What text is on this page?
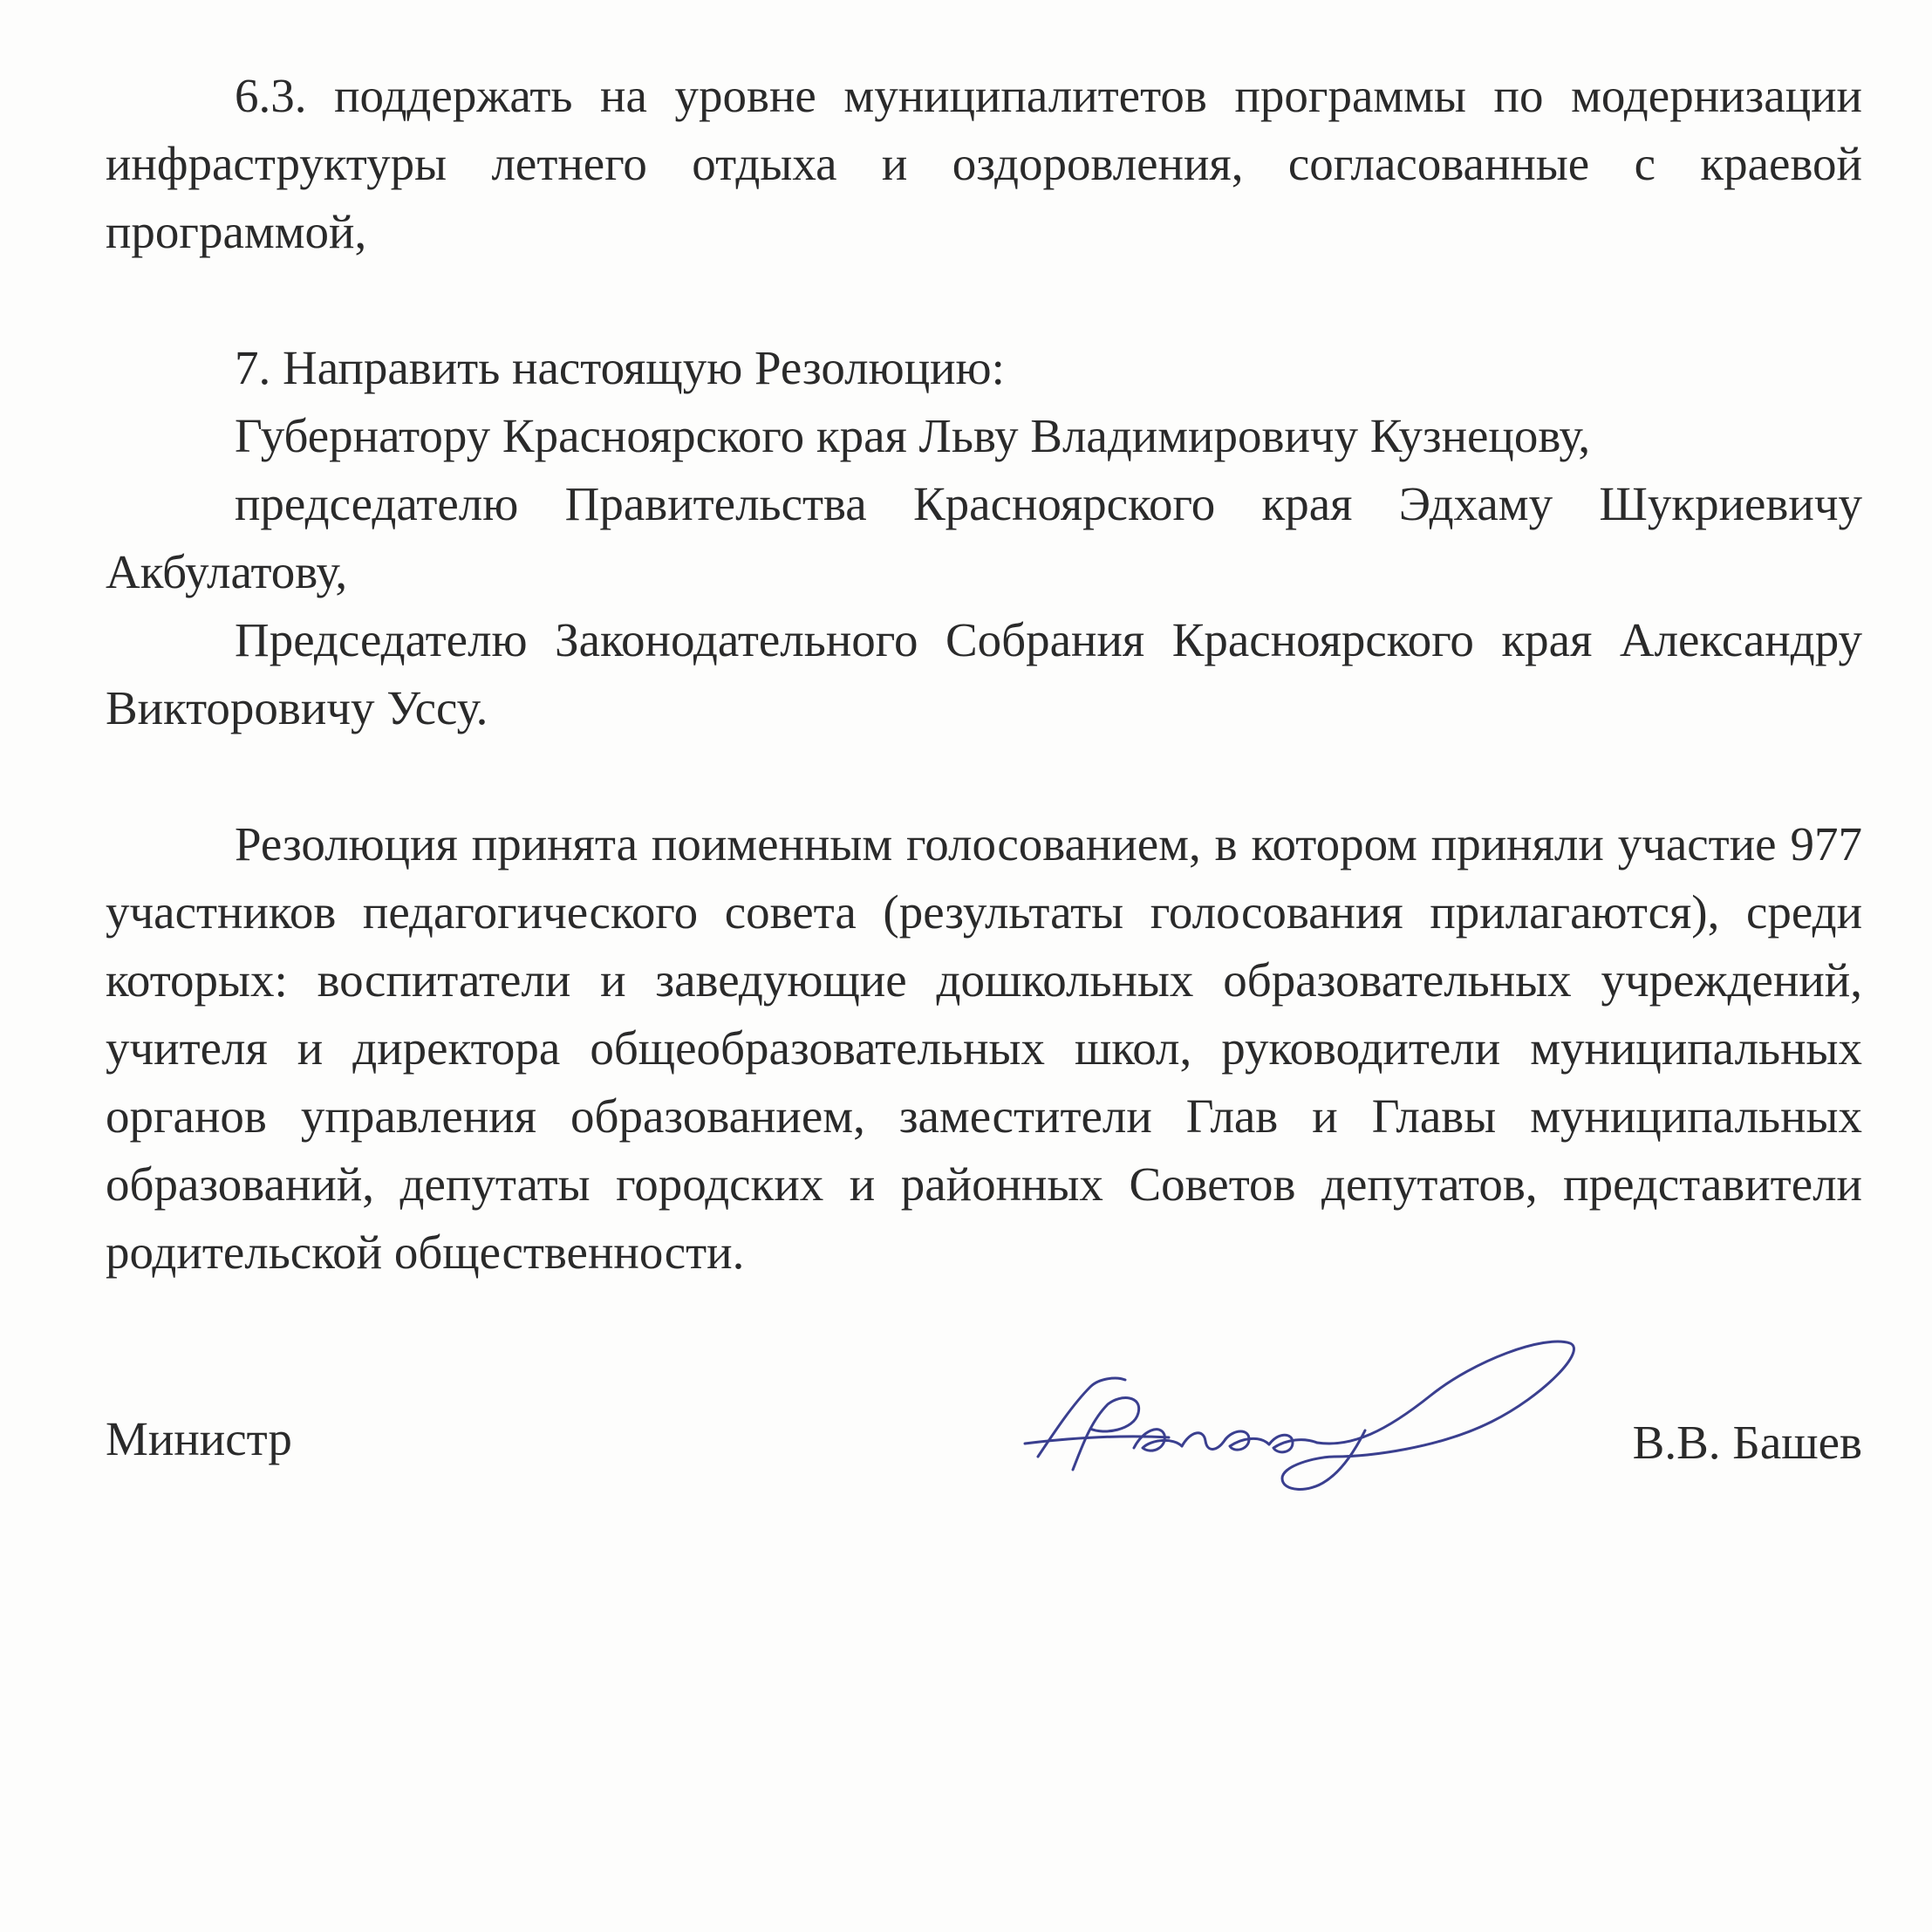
6.3. поддержать на уровне муниципалитетов программы по модернизации инфраструктуры летнего отдыха и оздоровления, согласованные с краевой программой,

7. Направить настоящую Резолюцию:

Губернатору Красноярского края Льву Владимировичу Кузнецову,

председателю Правительства Красноярского края Эдхаму Шукриевичу Акбулатову,

Председателю Законодательного Собрания Красноярского края Александру Викторовичу Уссу.

Резолюция принята поименным голосованием, в котором приняли участие 977 участников педагогического совета (результаты голосования прилагаются), среди которых: воспитатели и заведующие дошкольных образовательных учреждений, учителя и директора общеобразовательных школ, руководители муниципальных органов управления образованием, заместители Глав и Главы муниципальных образований, депутаты городских и районных Советов депутатов, представители родительской общественности.

Министр	В.В. Башев
